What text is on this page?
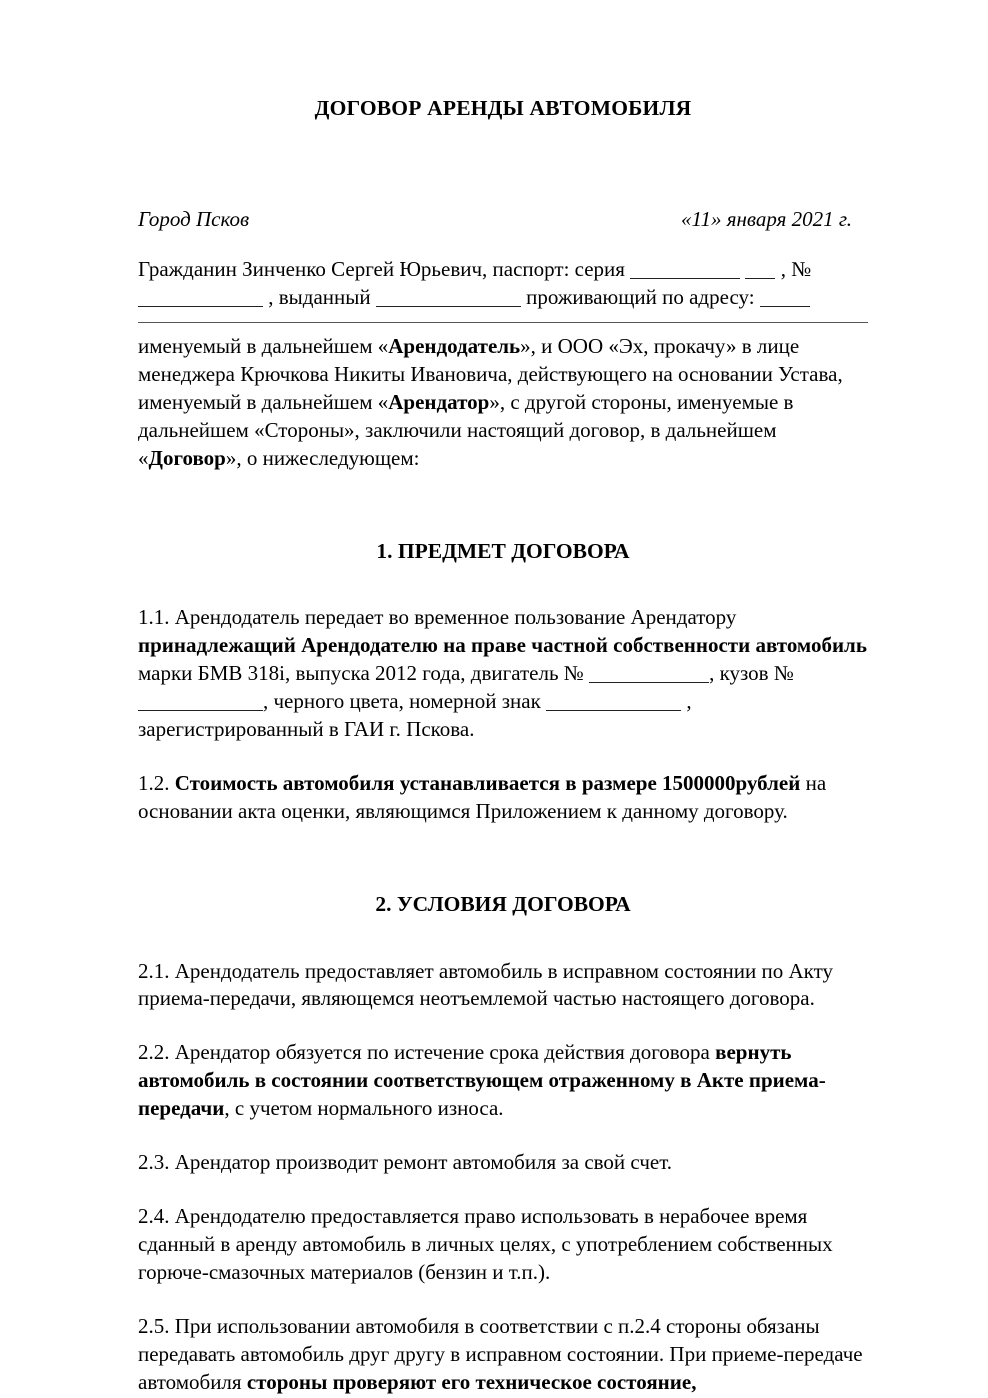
ДОГОВОР АРЕНДЫ АВТОМОБИЛЯ
Город Псков	«11» января 2021 г.

Гражданин Зинченко Сергей Юрьевич, паспорт: серия	, №
, выданный	проживающий по адресу:

именуемый в дальнейшем «Арендодатель», и ООО «Эх, прокачу» в лице менеджера Крючкова Никиты Ивановича, действующего на основании Устава, именуемый в дальнейшем «Арендатор», с другой стороны, именуемые в дальнейшем «Стороны», заключили настоящий договор, в дальнейшем «Договор», о нижеследующем:

1. ПРЕДМЕТ ДОГОВОРА

1.1. Арендодатель передает во временное пользование Арендатору принадлежащий Арендодателю на праве частной собственности автомобиль марки БМВ 318i, выпуска 2012 года, двигатель №	, кузов № , черного цвета, номерной знак	, зарегистрированный в ГАИ г. Пскова.

1.2. Стоимость автомобиля устанавливается в размере 1500000рублей на основании акта оценки, являющимся Приложением к данному договору.

2. УСЛОВИЯ ДОГОВОРА

2.1. Арендодатель предоставляет автомобиль в исправном состоянии по Акту приема-передачи, являющемся неотъемлемой частью настоящего договора.

2.2. Арендатор обязуется по истечение срока действия договора вернуть автомобиль в состоянии соответствующем отраженному в Акте приема-передачи, с учетом нормального износа.

2.3. Арендатор производит ремонт автомобиля за свой счет.

2.4. Арендодателю предоставляется право использовать в нерабочее время сданный в аренду автомобиль в личных целях, с употреблением собственных горюче-смазочных материалов (бензин и т.п.).

2.5. При использовании автомобиля в соответствии с п.2.4 стороны обязаны передавать автомобиль друг другу в исправном состоянии. При приеме-передаче автомобиля стороны проверяют его техническое состояние,
